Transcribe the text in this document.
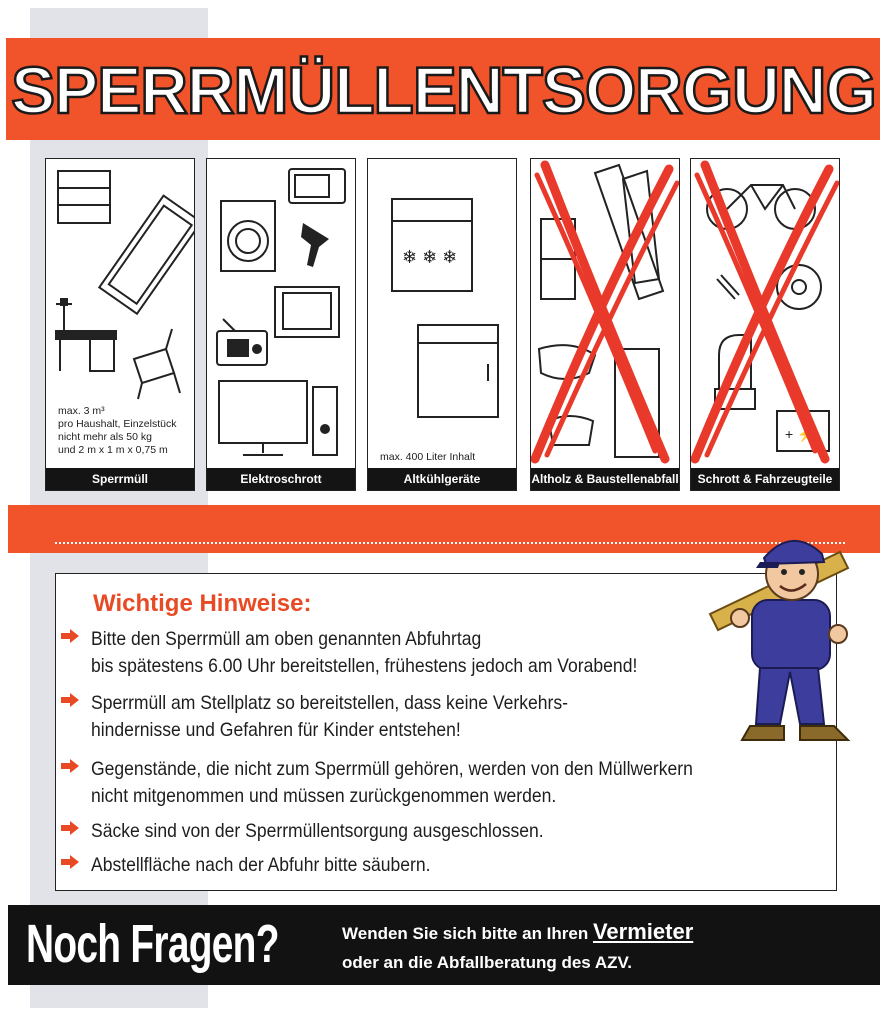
SPERRMÜLLENTSORGUNG
max. 3 m³
pro Haushalt, Einzelstück
nicht mehr als 50 kg
und 2 m x 1 m x 0,75 m
Sperrmüll	Elektroschrott
❄ ❄ ❄
max. 400 Liter Inhalt
Altkühlgeräte	Altholz & Baustellenabfall
+ ⚡
Schrott & Fahrzeugteile
Wichtige Hinweise:
Bitte den Sperrmüll am oben genannten Abfuhrtag
bis spätestens 6.00 Uhr bereitstellen, frühestens jedoch am Vorabend!
Sperrmüll am Stellplatz so bereitstellen, dass keine Verkehrs-
hindernisse und Gefahren für Kinder entstehen!
Gegenstände, die nicht zum Sperrmüll gehören, werden von den Müllwerkern
nicht mitgenommen und müssen zurückgenommen werden.
Säcke sind von der Sperrmüllentsorgung ausgeschlossen.
Abstellfläche nach der Abfuhr bitte säubern.
Noch Fragen?	Wenden Sie sich bitte an Ihren Vermieter
oder an die Abfallberatung des AZV.
